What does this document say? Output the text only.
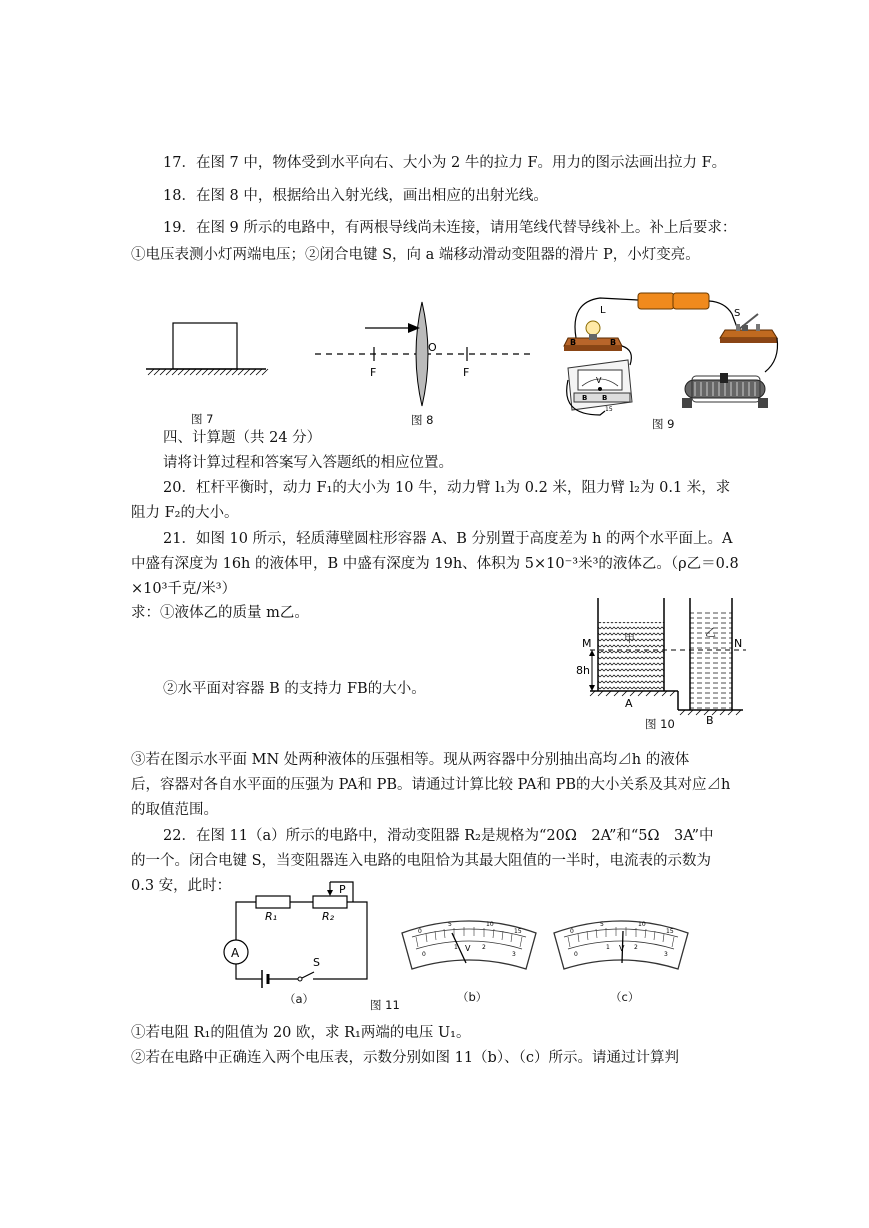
17．在图 7 中，物体受到水平向右、大小为 2 牛的拉力 F。用力的图示法画出拉力 F。
18．在图 8 中，根据给出入射光线，画出相应的出射光线。
19．在图 9 所示的电路中，有两根导线尚未连接，请用笔线代替导线补上。补上后要求：
①电压表测小灯两端电压；②闭合电键 S，向 a 端移动滑动变阻器的滑片 P，小灯变亮。
图 7
F
O
F
图 8
L	S
B	B
V
B B
15
图 9
四、计算题（共 24 分）
请将计算过程和答案写入答题纸的相应位置。
20．杠杆平衡时，动力 F₁的大小为 10 牛，动力臂 l₁为 0.2 米，阻力臂 l₂为 0.1 米，求
阻力 F₂的大小。
21．如图 10 所示，轻质薄壁圆柱形容器 A、B 分别置于高度差为 h 的两个水平面上。A
中盛有深度为 16h 的液体甲，B 中盛有深度为 19h、体积为 5×10⁻³米³的液体乙。（ρ乙＝0.8
×10³千克/米³）
求：①液体乙的质量 m乙。
②水平面对容器 B 的支持力 FB的大小。
甲	乙
M	N
8h
A
B
图 10
③若在图示水平面 MN 处两种液体的压强相等。现从两容器中分别抽出高均⊿h 的液体
后，容器对各自水平面的压强为 PA和 PB。请通过计算比较 PA和 PB的大小关系及其对应⊿h
的取值范围。
22．在图 11（a）所示的电路中，滑动变阻器 R₂是规格为“20Ω　2A”和“5Ω　3A”中
的一个。闭合电键 S，当变阻器连入电路的电阻恰为其最大阻值的一半时，电流表的示数为
0.3 安，此时：	P
R₁	R₂
A
S
（a）	图 11
0
5	10
15
0
1	2
3
V
（b）
0
5	10
15
0
1	2
3
V
（c）
①若电阻 R₁的阻值为 20 欧，求 R₁两端的电压 U₁。
②若在电路中正确连入两个电压表，示数分别如图 11（b）、（c）所示。请通过计算判
